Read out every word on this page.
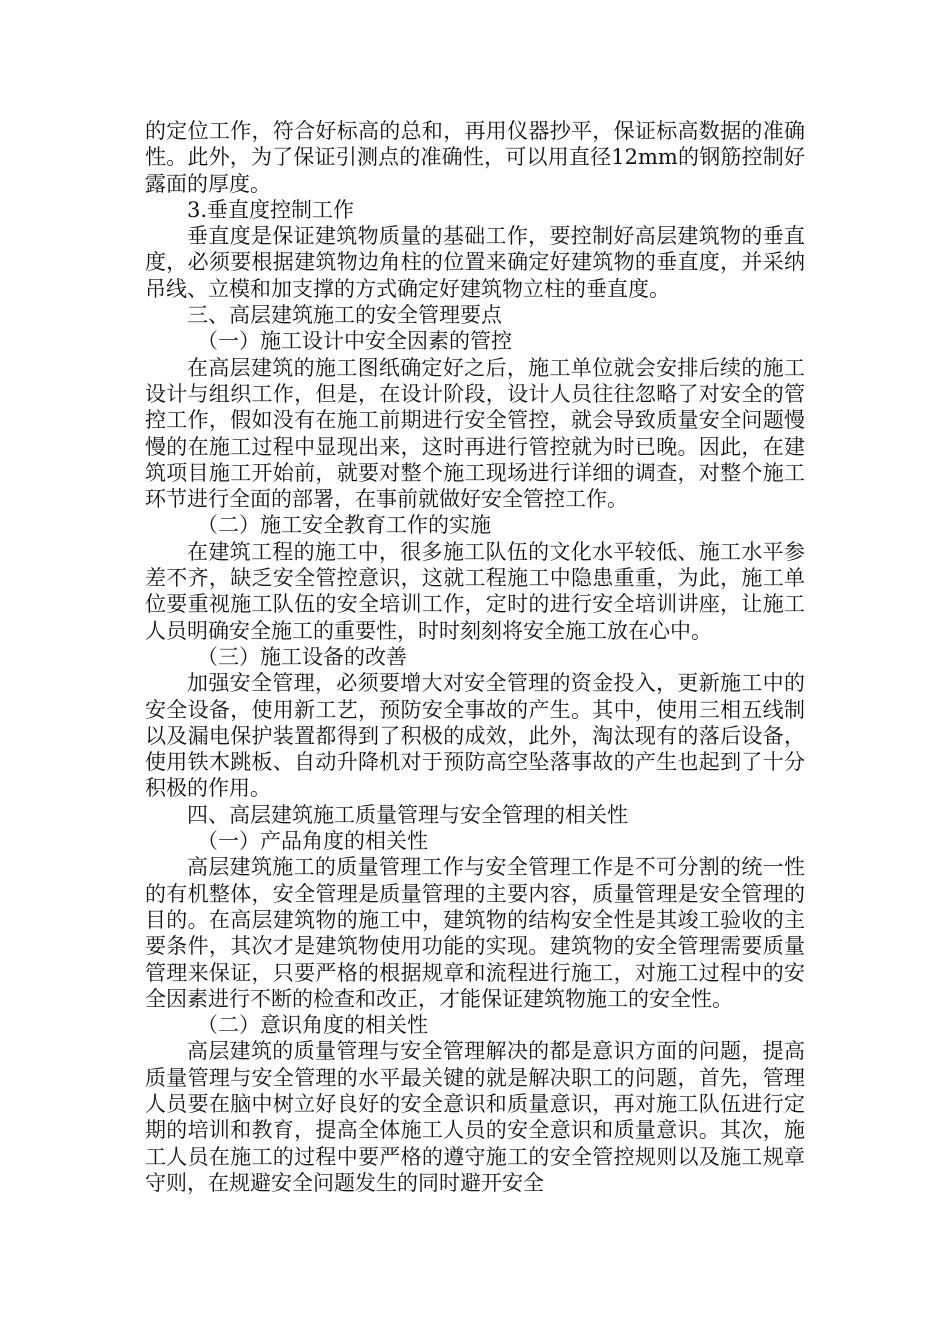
的定位工作，符合好标高的总和，再用仪器抄平，保证标高数据的准确性。此外，为了保证引测点的准确性，可以用直径12mm的钢筋控制好露面的厚度。

3.垂直度控制工作

垂直度是保证建筑物质量的基础工作，要控制好高层建筑物的垂直度，必须要根据建筑物边角柱的位置来确定好建筑物的垂直度，并采纳吊线、立模和加支撑的方式确定好建筑物立柱的垂直度。

三、高层建筑施工的安全管理要点

（一）施工设计中安全因素的管控

在高层建筑的施工图纸确定好之后，施工单位就会安排后续的施工设计与组织工作，但是，在设计阶段，设计人员往往忽略了对安全的管控工作，假如没有在施工前期进行安全管控，就会导致质量安全问题慢慢的在施工过程中显现出来，这时再进行管控就为时已晚。因此，在建筑项目施工开始前，就要对整个施工现场进行详细的调查，对整个施工环节进行全面的部署，在事前就做好安全管控工作。

（二）施工安全教育工作的实施

在建筑工程的施工中，很多施工队伍的文化水平较低、施工水平参差不齐，缺乏安全管控意识，这就工程施工中隐患重重，为此，施工单位要重视施工队伍的安全培训工作，定时的进行安全培训讲座，让施工人员明确安全施工的重要性，时时刻刻将安全施工放在心中。

（三）施工设备的改善

加强安全管理，必须要增大对安全管理的资金投入，更新施工中的安全设备，使用新工艺，预防安全事故的产生。其中，使用三相五线制以及漏电保护装置都得到了积极的成效，此外，淘汰现有的落后设备，使用铁木跳板、自动升降机对于预防高空坠落事故的产生也起到了十分积极的作用。

四、高层建筑施工质量管理与安全管理的相关性

（一）产品角度的相关性

高层建筑施工的质量管理工作与安全管理工作是不可分割的统一性的有机整体，安全管理是质量管理的主要内容，质量管理是安全管理的目的。在高层建筑物的施工中，建筑物的结构安全性是其竣工验收的主要条件，其次才是建筑物使用功能的实现。建筑物的安全管理需要质量管理来保证，只要严格的根据规章和流程进行施工，对施工过程中的安全因素进行不断的检查和改正，才能保证建筑物施工的安全性。

（二）意识角度的相关性

高层建筑的质量管理与安全管理解决的都是意识方面的问题，提高质量管理与安全管理的水平最关键的就是解决职工的问题，首先，管理人员要在脑中树立好良好的安全意识和质量意识，再对施工队伍进行定期的培训和教育，提高全体施工人员的安全意识和质量意识。其次，施工人员在施工的过程中要严格的遵守施工的安全管控规则以及施工规章守则，在规避安全问题发生的同时避开安全
